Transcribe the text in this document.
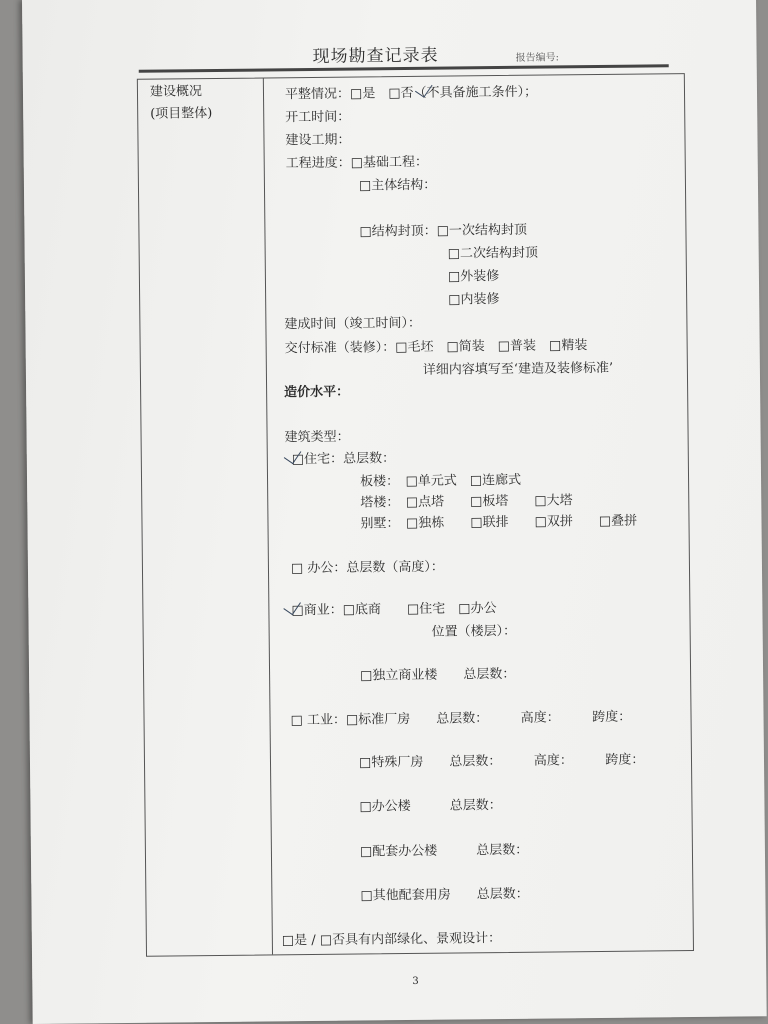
现场勘查记录表	报告编号:
建设概况
(项目整体)
平整情况：□是　□否（不具备施工条件）；
开工时间：
建设工期：
工程进度：□基础工程：
□主体结构：
□结构封顶：□一次结构封顶
□二次结构封顶
□外装修
□内装修
建成时间（竣工时间）：
交付标准（装修）：□毛坯　□简装　□普装　□精装
详细内容填写至‘建造及装修标准’
造价水平：
建筑类型：
□住宅：总层数：
板楼：　□单元式　□连廊式
塔楼：　□点塔　　□板塔　　□大塔
别墅：　□独栋　　□联排　　□双拼　　□叠拼
□ 办公：总层数（高度）：
□商业：□底商　　□住宅　□办公
位置（楼层）：
□独立商业楼　　总层数：
□ 工业：□标准厂房　　总层数：　　　高度：　　　跨度：
□特殊厂房　　总层数：　　　高度：　　　跨度：
□办公楼　　　总层数：
□配套办公楼　　　总层数：
□其他配套用房　　总层数：
□是 / □否具有内部绿化、景观设计：
3
